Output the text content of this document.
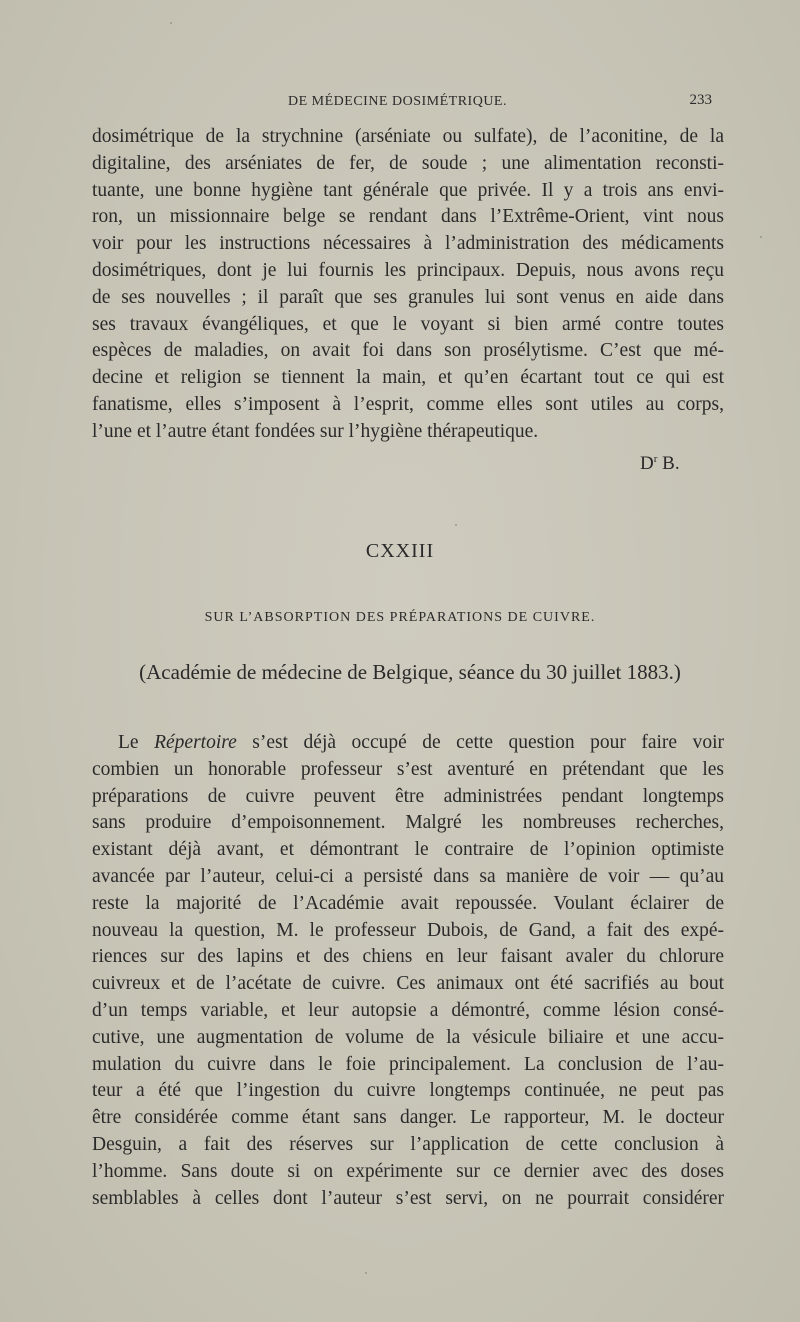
DE MÉDECINE DOSIMÉTRIQUE.	233
dosimétrique de la strychnine (arséniate ou sulfate), de l’aconitine, de la
digitaline, des arséniates de fer, de soude ; une alimentation reconsti-
tuante, une bonne hygiène tant générale que privée. Il y a trois ans envi-
ron, un missionnaire belge se rendant dans l’Extrême-Orient, vint nous
voir pour les instructions nécessaires à l’administration des médicaments
dosimétriques, dont je lui fournis les principaux. Depuis, nous avons reçu
de ses nouvelles ; il paraît que ses granules lui sont venus en aide dans
ses travaux évangéliques, et que le voyant si bien armé contre toutes
espèces de maladies, on avait foi dans son prosélytisme. C’est que mé-
decine et religion se tiennent la main, et qu’en écartant tout ce qui est
fanatisme, elles s’imposent à l’esprit, comme elles sont utiles au corps,
l’une et l’autre étant fondées sur l’hygiène thérapeutique.
$D^r$ B.
CXXIII
SUR L’ABSORPTION DES PRÉPARATIONS DE CUIVRE.
(Académie de médecine de Belgique, séance du 30 juillet 1883.)
Le Répertoire s’est déjà occupé de cette question pour faire voir
combien un honorable professeur s’est aventuré en prétendant que les
préparations de cuivre peuvent être administrées pendant longtemps
sans produire d’empoisonnement. Malgré les nombreuses recherches,
existant déjà avant, et démontrant le contraire de l’opinion optimiste
avancée par l’auteur, celui-ci a persisté dans sa manière de voir — qu’au
reste la majorité de l’Académie avait repoussée. Voulant éclairer de
nouveau la question, M. le professeur Dubois, de Gand, a fait des expé-
riences sur des lapins et des chiens en leur faisant avaler du chlorure
cuivreux et de l’acétate de cuivre. Ces animaux ont été sacrifiés au bout
d’un temps variable, et leur autopsie a démontré, comme lésion consé-
cutive, une augmentation de volume de la vésicule biliaire et une accu-
mulation du cuivre dans le foie principalement. La conclusion de l’au-
teur a été que l’ingestion du cuivre longtemps continuée, ne peut pas
être considérée comme étant sans danger. Le rapporteur, M. le docteur
Desguin, a fait des réserves sur l’application de cette conclusion à
l’homme. Sans doute si on expérimente sur ce dernier avec des doses
semblables à celles dont l’auteur s’est servi, on ne pourrait considérer
